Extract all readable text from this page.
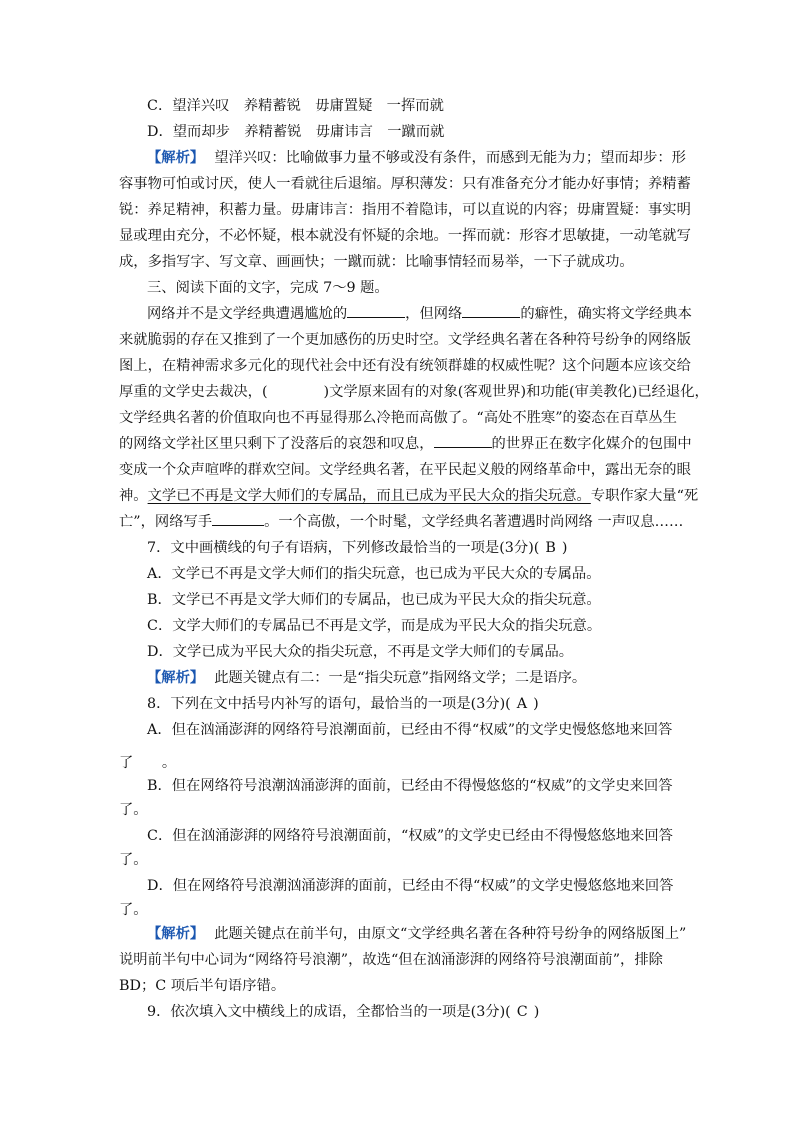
C．望洋兴叹　养精蓄锐　毋庸置疑　一挥而就
D．望而却步　养精蓄锐　毋庸讳言　一蹴而就
【解析】 望洋兴叹：比喻做事力量不够或没有条件，而感到无能为力；望而却步：形
容事物可怕或讨厌，使人一看就往后退缩。厚积薄发：只有准备充分才能办好事情；养精蓄
锐：养足精神，积蓄力量。毋庸讳言：指用不着隐讳，可以直说的内容；毋庸置疑：事实明
显或理由充分，不必怀疑，根本就没有怀疑的余地。一挥而就：形容才思敏捷，一动笔就写
成，多指写字、写文章、画画快；一蹴而就：比喻事情轻而易举，一下子就成功。
三、阅读下面的文字，完成 7～9 题。
网络并不是文学经典遭遇尴尬的	，但网络	的癖性，确实将文学经典本
来就脆弱的存在又推到了一个更加感伤的历史时空。文学经典名著在各种符号纷争的网络版
图上，在精神需求多元化的现代社会中还有没有统领群雄的权威性呢？这个问题本应该交给
厚重的文学史去裁决，(	)文学原来固有的对象(客观世界)和功能(审美教化)已经退化，
文学经典名著的价值取向也不再显得那么冷艳而高傲了。“高处不胜寒”的姿态在百草丛生
的网络文学社区里只剩下了没落后的哀怨和叹息，	的世界正在数字化媒介的包围中
变成一个众声喧哗的群欢空间。文学经典名著，在平民起义般的网络革命中，露出无奈的眼
神。文学已不再是文学大师们的专属品，而且已成为平民大众的指尖玩意。专职作家大量“死
亡”，网络写手	。一个高傲，一个时髦，文学经典名著遭遇时尚网络 一声叹息……
7．文中画横线的句子有语病，下列修改最恰当的一项是(3分)( B )
A．文学已不再是文学大师们的指尖玩意，也已成为平民大众的专属品。
B．文学已不再是文学大师们的专属品，也已成为平民大众的指尖玩意。
C．文学大师们的专属品已不再是文学，而是成为平民大众的指尖玩意。
D．文学已成为平民大众的指尖玩意，不再是文学大师们的专属品。
【解析】 此题关键点有二：一是“指尖玩意”指网络文学；二是语序。
8．下列在文中括号内补写的语句，最恰当的一项是(3分)( A )
A．但在汹涌澎湃的网络符号浪潮面前，已经由不得“权威”的文学史慢悠悠地来回答
了　　。
B．但在网络符号浪潮汹涌澎湃的面前，已经由不得慢悠悠的“权威”的文学史来回答
了。
C．但在汹涌澎湃的网络符号浪潮面前，“权威”的文学史已经由不得慢悠悠地来回答
了。
D．但在网络符号浪潮汹涌澎湃的面前，已经由不得“权威”的文学史慢悠悠地来回答
了。
【解析】 此题关键点在前半句，由原文“文学经典名著在各种符号纷争的网络版图上”
说明前半句中心词为“网络符号浪潮”，故选“但在汹涌澎湃的网络符号浪潮面前”，排除
BD；C 项后半句语序错。
9．依次填入文中横线上的成语，全都恰当的一项是(3分)( C )
